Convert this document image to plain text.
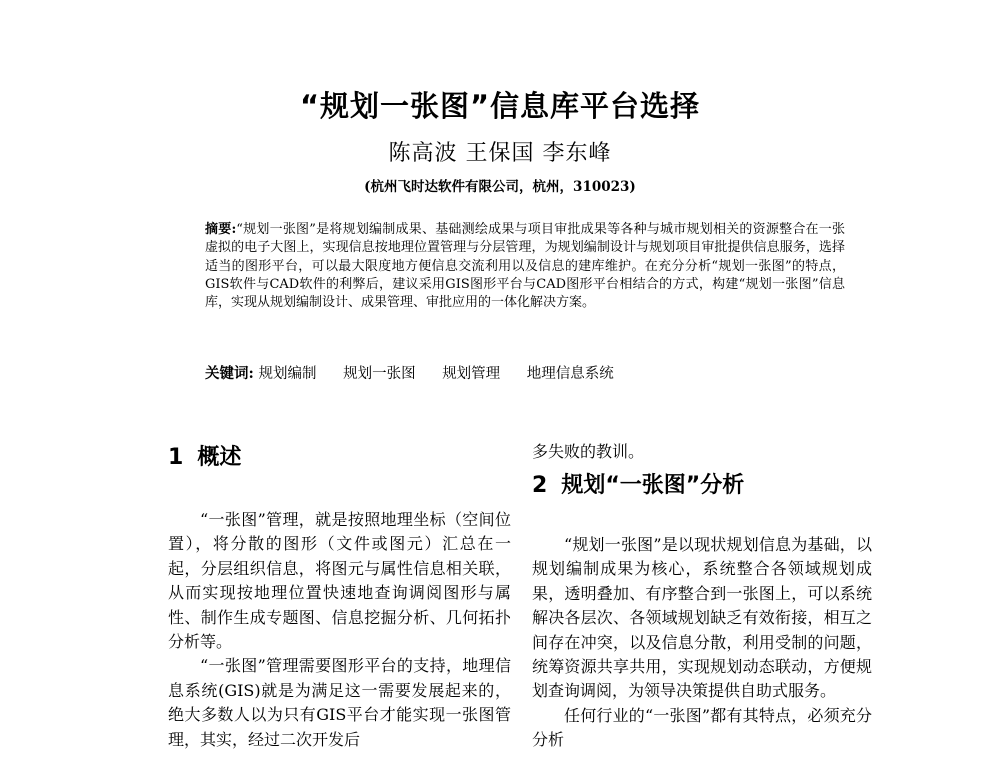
“规划一张图”信息库平台选择
陈高波 王保国 李东峰
(杭州飞时达软件有限公司，杭州，310023)
摘要:“规划一张图”是将规划编制成果、基础测绘成果与项目审批成果等各种与城市规划相关的资源整合在一张虚拟的电子大图上，实现信息按地理位置管理与分层管理，为规划编制设计与规划项目审批提供信息服务，选择适当的图形平台，可以最大限度地方便信息交流利用以及信息的建库维护。在充分分析“规划一张图”的特点，GIS软件与CAD软件的利弊后，建议采用GIS图形平台与CAD图形平台相结合的方式，构建“规划一张图”信息库，实现从规划编制设计、成果管理、审批应用的一体化解决方案。
关键词: 规划编制 规划一张图 规划管理 地理信息系统
1 概述

“一张图”管理，就是按照地理坐标（空间位置），将分散的图形（文件或图元）汇总在一起，分层组织信息，将图元与属性信息相关联，从而实现按地理位置快速地查询调阅图形与属性、制作生成专题图、信息挖掘分析、几何拓扑分析等。

“一张图”管理需要图形平台的支持，地理信息系统(GIS)就是为满足这一需要发展起来的，绝大多数人以为只有GIS平台才能实现一张图管理，其实，经过二次开发后

多失败的教训。
2 规划“一张图”分析

“规划一张图”是以现状规划信息为基础，以规划编制成果为核心，系统整合各领域规划成果，透明叠加、有序整合到一张图上，可以系统解决各层次、各领域规划缺乏有效衔接，相互之间存在冲突，以及信息分散，利用受制的问题，统筹资源共享共用，实现规划动态联动，方便规划查询调阅，为领导决策提供自助式服务。

任何行业的“一张图”都有其特点，必须充分分析
